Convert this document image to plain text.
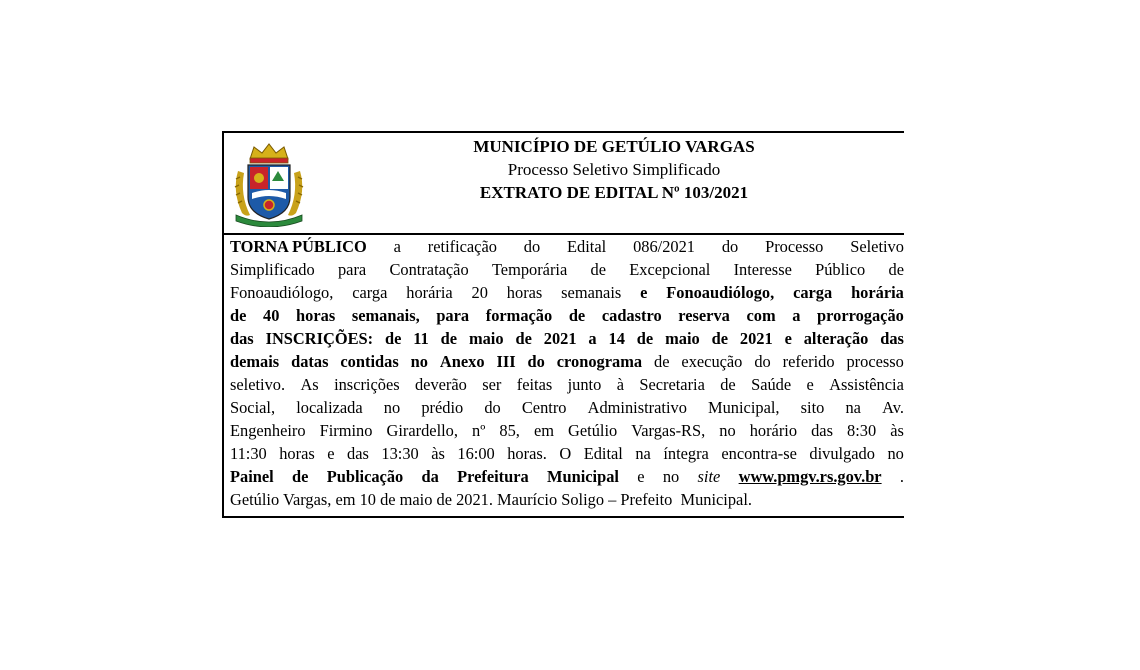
MUNICÍPIO DE GETÚLIO VARGAS
Processo Seletivo Simplificado
EXTRATO DE EDITAL Nº 103/2021
TORNA PÚBLICO a retificação do Edital 086/2021 do Processo Seletivo
Simplificado para Contratação Temporária de Excepcional Interesse Público de
Fonoaudiólogo, carga horária 20 horas semanais e Fonoaudiólogo, carga horária
de 40 horas semanais, para formação de cadastro reserva com a prorrogação
das INSCRIÇÕES: de 11 de maio de 2021 a 14 de maio de 2021 e alteração das
demais datas contidas no Anexo III do cronograma de execução do referido processo
seletivo. As inscrições deverão ser feitas junto à Secretaria de Saúde e Assistência
Social, localizada no prédio do Centro Administrativo Municipal, sito na Av.
Engenheiro Firmino Girardello, nº 85, em Getúlio Vargas-RS, no horário das 8:30 às
11:30 horas e das 13:30 às 16:00 horas. O Edital na íntegra encontra-se divulgado no
Painel de Publicação da Prefeitura Municipal e no site www.pmgv.rs.gov.br .
Getúlio Vargas, em 10 de maio de 2021. Maurício Soligo – Prefeito  Municipal.
